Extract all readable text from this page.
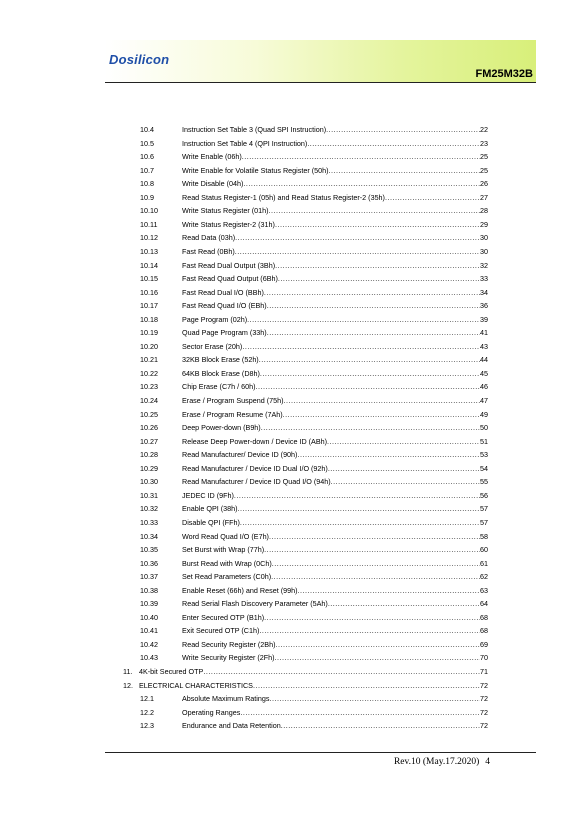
Dosilicon
FM25M32B
10.4	Instruction Set Table 3 (Quad SPI Instruction) .....	22
10.5	Instruction Set Table 4 (QPI Instruction) .....	23
10.6	Write Enable (06h) .....	25
10.7	Write Enable for Volatile Status Register (50h) .....	25
10.8	Write Disable (04h) .....	26
10.9	Read Status Register-1 (05h) and Read Status Register-2 (35h) .....	27
10.10	Write Status Register (01h) .....	28
10.11	Write Status Register-2 (31h) .....	29
10.12	Read Data (03h) .....	30
10.13	Fast Read (0Bh) .....	30
10.14	Fast Read Dual Output (3Bh) .....	32
10.15	Fast Read Quad Output (6Bh) .....	33
10.16	Fast Read Dual I/O (BBh) .....	34
10.17	Fast Read Quad I/O (EBh) .....	36
10.18	Page Program (02h) .....	39
10.19	Quad Page Program (33h) .....	41
10.20	Sector Erase (20h) .....	43
10.21	32KB Block Erase (52h) .....	44
10.22	64KB Block Erase (D8h) .....	45
10.23	Chip Erase (C7h / 60h) .....	46
10.24	Erase / Program Suspend (75h) .....	47
10.25	Erase / Program Resume (7Ah) .....	49
10.26	Deep Power-down (B9h) .....	50
10.27	Release Deep Power-down / Device ID (ABh) .....	51
10.28	Read Manufacturer/ Device ID (90h) .....	53
10.29	Read Manufacturer / Device ID Dual I/O (92h) .....	54
10.30	Read Manufacturer / Device ID Quad I/O (94h) .....	55
10.31	JEDEC ID (9Fh) .....	56
10.32	Enable QPI (38h) .....	57
10.33	Disable QPI (FFh) .....	57
10.34	Word Read Quad I/O (E7h) .....	58
10.35	Set Burst with Wrap (77h) .....	60
10.36	Burst Read with Wrap (0Ch) .....	61
10.37	Set Read Parameters (C0h) .....	62
10.38	Enable Reset (66h) and Reset (99h) .....	63
10.39	Read Serial Flash Discovery Parameter (5Ah) .....	64
10.40	Enter Secured OTP (B1h) .....	68
10.41	Exit Secured OTP (C1h) .....	68
10.42	Read Security Register (2Bh) .....	69
10.43	Write Security Register (2Fh) .....	70
11. 4K-bit Secured OTP .....	71
12. ELECTRICAL CHARACTERISTICS .....	72
12.1	Absolute Maximum Ratings .....	72
12.2	Operating Ranges .....	72
12.3	Endurance and Data Retention .....	72
Rev.10 (May.17.2020) 4
